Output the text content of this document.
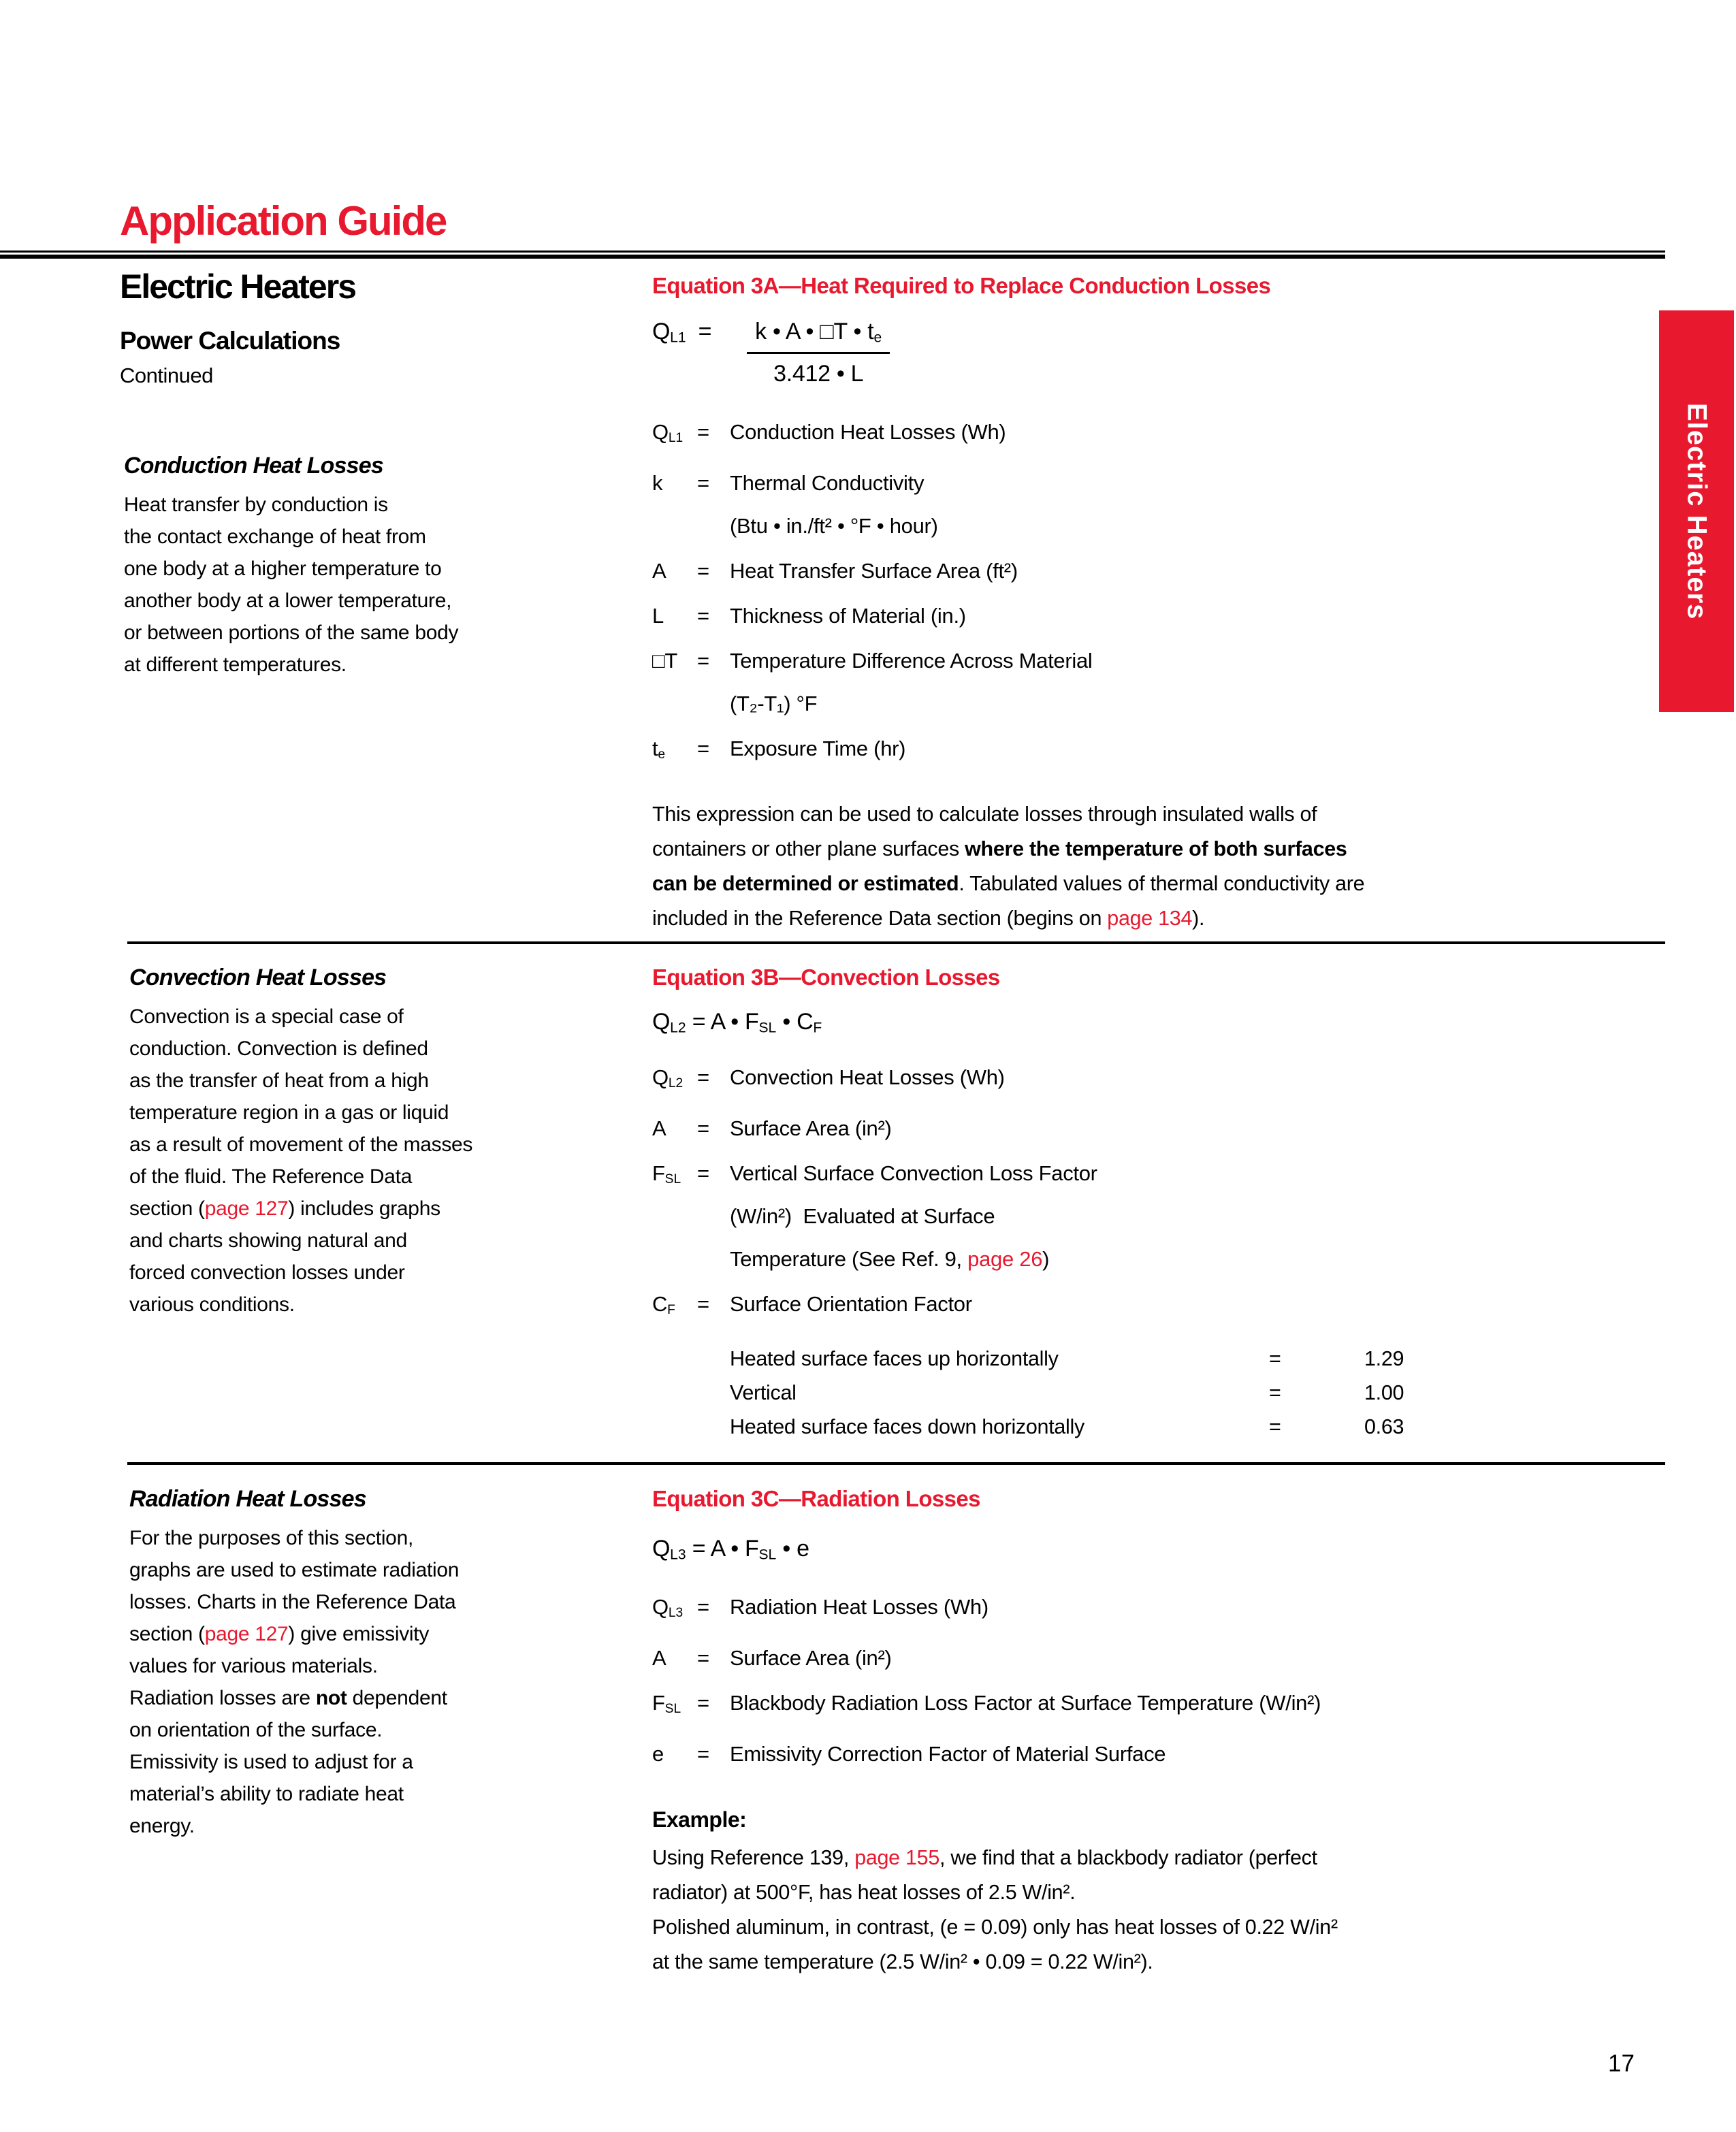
Application Guide
Electric Heaters
Power Calculations
Continued
Conduction Heat Losses

Heat transfer by conduction is
the contact exchange of heat from
one body at a higher temperature to
another body at a lower temperature,
or between portions of the same body
at different temperatures.

Equation 3A—Heat Required to Replace Conduction Losses
$Q_{L1} = \frac{k • A • □T • t_e}{3.412 • L}$
$Q_{L1}$ = Conduction Heat Losses (Wh)
k	= Thermal Conductivity
(Btu • in./ft² • °F • hour)
A	= Heat Transfer Surface Area (ft²)
L	= Thickness of Material (in.)
□T = Temperature Difference Across Material
(T₂-T₁) °F
$t_e$	= Exposure Time (hr)

This expression can be used to calculate losses through insulated walls of
containers or other plane surfaces where the temperature of both surfaces
can be determined or estimated. Tabulated values of thermal conductivity are
included in the Reference Data section (begins on page 134).

Convection Heat Losses

Convection is a special case of
conduction. Convection is defined
as the transfer of heat from a high
temperature region in a gas or liquid
as a result of movement of the masses
of the fluid. The Reference Data
section (page 127) includes graphs
and charts showing natural and
forced convection losses under
various conditions.

Equation 3B—Convection Losses
$Q_{L2} = A$ • $F_{SL}$ • $C_F$
$Q_{L2}$ = Convection Heat Losses (Wh)
A	= Surface Area (in²)
$F_{SL}$ = Vertical Surface Convection Loss Factor
(W/in²)  Evaluated at Surface
Temperature (See Ref. 9, page 26)
$C_F$	= Surface Orientation Factor
Heated surface faces up horizontally	=	1.29
Vertical	=	1.00
Heated surface faces down horizontally	=	0.63
Radiation Heat Losses

For the purposes of this section,
graphs are used to estimate radiation
losses. Charts in the Reference Data
section (page 127) give emissivity
values for various materials.
Radiation losses are not dependent
on orientation of the surface.
Emissivity is used to adjust for a
material’s ability to radiate heat
energy.

Equation 3C—Radiation Losses
$Q_{L3} = A$ • $F_{SL}$ • e
$Q_{L3}$ = Radiation Heat Losses (Wh)
A	= Surface Area (in²)
$F_{SL}$ = Blackbody Radiation Loss Factor at Surface Temperature (W/in²)
e	= Emissivity Correction Factor of Material Surface
Example:

Using Reference 139, page 155, we find that a blackbody radiator (perfect
radiator) at 500°F, has heat losses of 2.5 W/in².
Polished aluminum, in contrast, (e = 0.09) only has heat losses of 0.22 W/in²
at the same temperature (2.5 W/in² • 0.09 = 0.22 W/in²).

Electric Heaters
17
